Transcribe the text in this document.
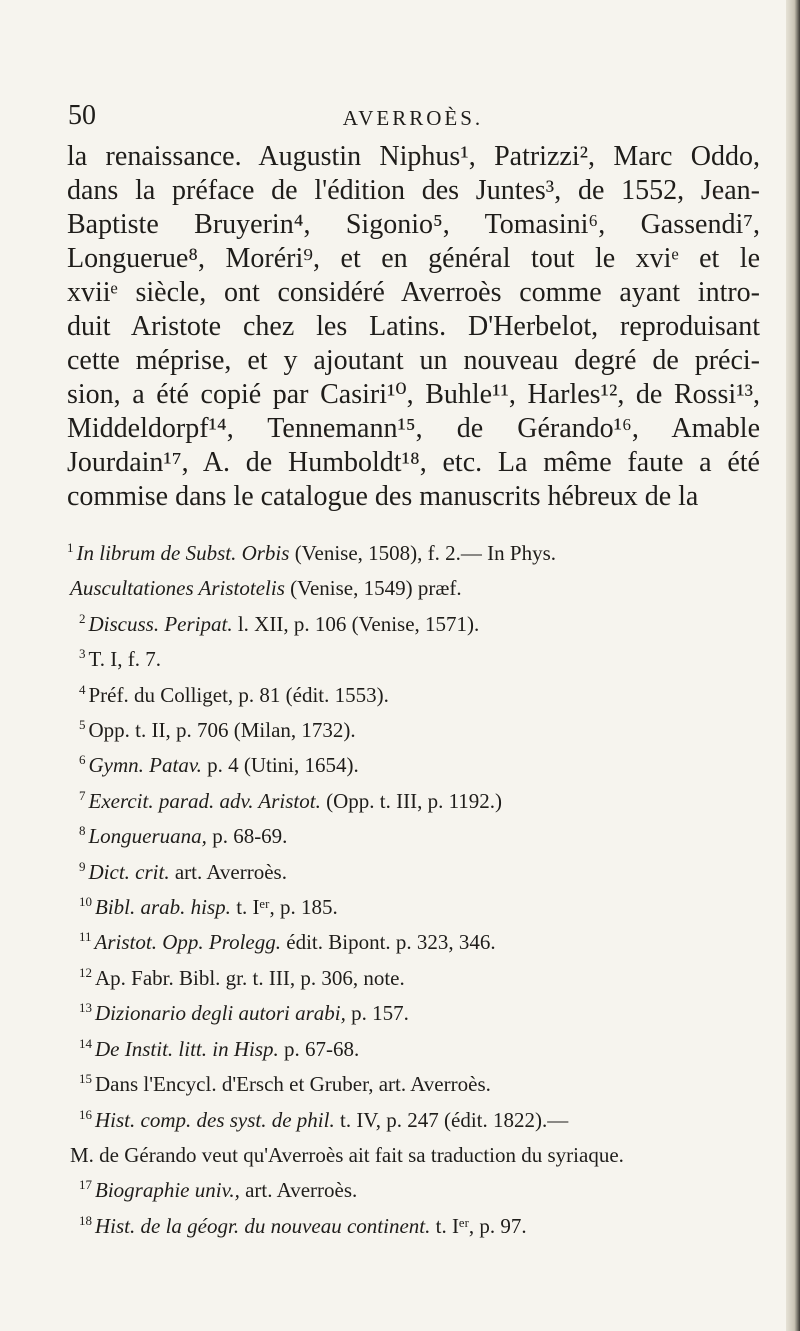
50	AVERROÈS.
la renaissance. Augustin Niphus¹, Patrizzi², Marc Oddo,
dans la préface de l'édition des Juntes³, de 1552, Jean-
Baptiste Bruyerin⁴, Sigonio⁵, Tomasini⁶, Gassendi⁷,
Longuerue⁸, Moréri⁹, et en général tout le xviᵉ et le
xviiᵉ siècle, ont considéré Averroès comme ayant intro-
duit Aristote chez les Latins. D'Herbelot, reproduisant
cette méprise, et y ajoutant un nouveau degré de préci-
sion, a été copié par Casiri¹⁰, Buhle¹¹, Harles¹², de Rossi¹³,
Middeldorpf¹⁴, Tennemann¹⁵, de Gérando¹⁶, Amable
Jourdain¹⁷, A. de Humboldt¹⁸, etc. La même faute a été
commise dans le catalogue des manuscrits hébreux de la
$^1$ In librum de Subst. Orbis (Venise, 1508), f. 2.— In Phys.
Auscultationes Aristotelis (Venise, 1549) præf.
$^2$ Discuss. Peripat. l. XII, p. 106 (Venise, 1571).
$^3$ T. I, f. 7.
$^4$ Préf. du Colliget, p. 81 (édit. 1553).
$^5$ Opp. t. II, p. 706 (Milan, 1732).
$^6$ Gymn. Patav. p. 4 (Utini, 1654).
$^7$ Exercit. parad. adv. Aristot. (Opp. t. III, p. 1192.)
$^8$ Longueruana, p. 68-69.
$^9$ Dict. crit. art. Averroès.
$^{10}$ Bibl. arab. hisp. t. Iᵉʳ, p. 185.
$^{11}$ Aristot. Opp. Prolegg. édit. Bipont. p. 323, 346.
$^{12}$ Ap. Fabr. Bibl. gr. t. III, p. 306, note.
$^{13}$ Dizionario degli autori arabi, p. 157.
$^{14}$ De Instit. litt. in Hisp. p. 67-68.
$^{15}$ Dans l'Encycl. d'Ersch et Gruber, art. Averroès.
$^{16}$ Hist. comp. des syst. de phil. t. IV, p. 247 (édit. 1822).—
M. de Gérando veut qu'Averroès ait fait sa traduction du syriaque.
$^{17}$ Biographie univ., art. Averroès.
$^{18}$ Hist. de la géogr. du nouveau continent. t. Iᵉʳ, p. 97.
